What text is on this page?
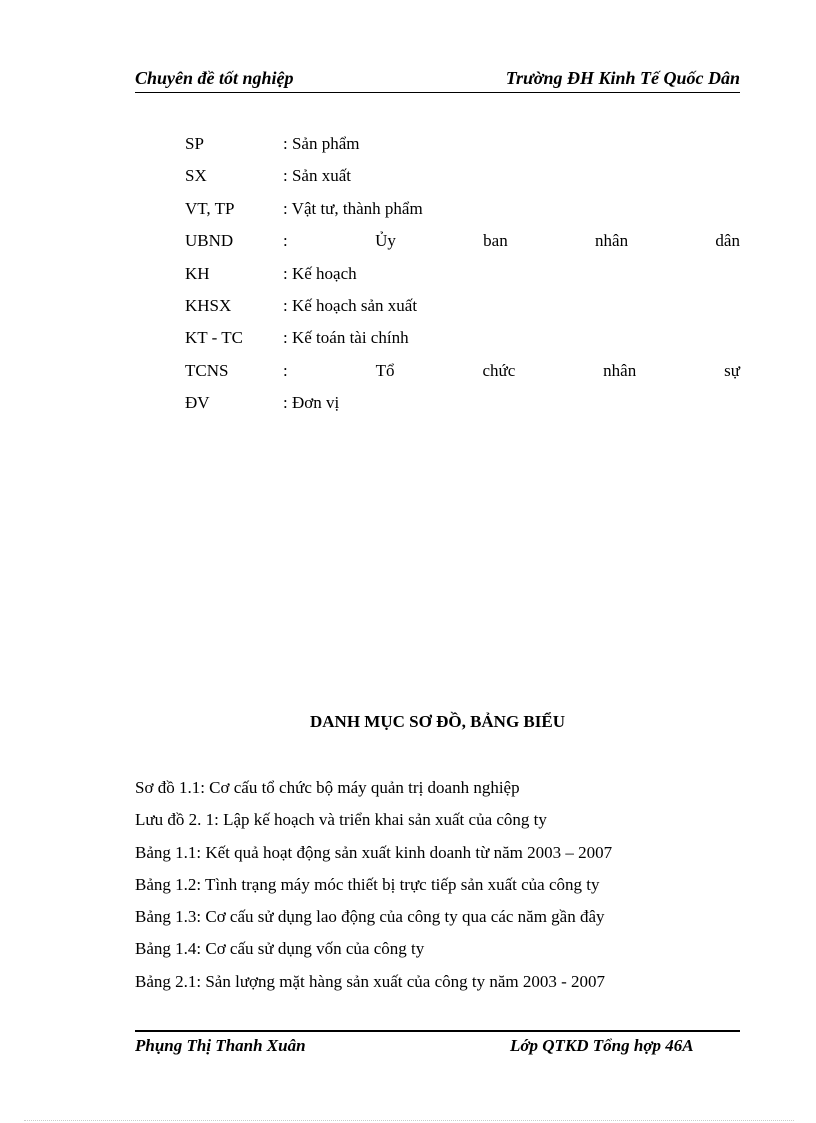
Chuyên đề tốt nghiệp	Trường ĐH Kinh Tế Quốc Dân
SP	: Sản phẩm
SX	: Sản xuất
VT, TP	: Vật tư, thành phẩm
UBND	:	Ủy	ban	nhân	dân
KH	: Kế hoạch
KHSX	: Kế hoạch sản xuất
KT - TC : Kế toán tài chính
TCNS	:	Tổ	chức	nhân	sự
ĐV	: Đơn vị
DANH MỤC SƠ ĐỒ, BẢNG BIỂU
Sơ đồ 1.1: Cơ cấu tổ chức bộ máy quản trị doanh nghiệp
Lưu đồ 2. 1: Lập kế hoạch và triển khai sản xuất của công ty
Bảng 1.1: Kết quả hoạt động sản xuất kinh doanh từ năm 2003 – 2007
Bảng 1.2: Tình trạng máy móc thiết bị trực tiếp sản xuất của công ty
Bảng 1.3: Cơ cấu sử dụng lao động của công ty qua các năm gần đây
Bảng 1.4: Cơ cấu sử dụng vốn của công ty
Bảng 2.1: Sản lượng mặt hàng sản xuất của công ty năm 2003 - 2007
Phụng Thị Thanh Xuân	Lớp QTKD Tổng hợp 46A
